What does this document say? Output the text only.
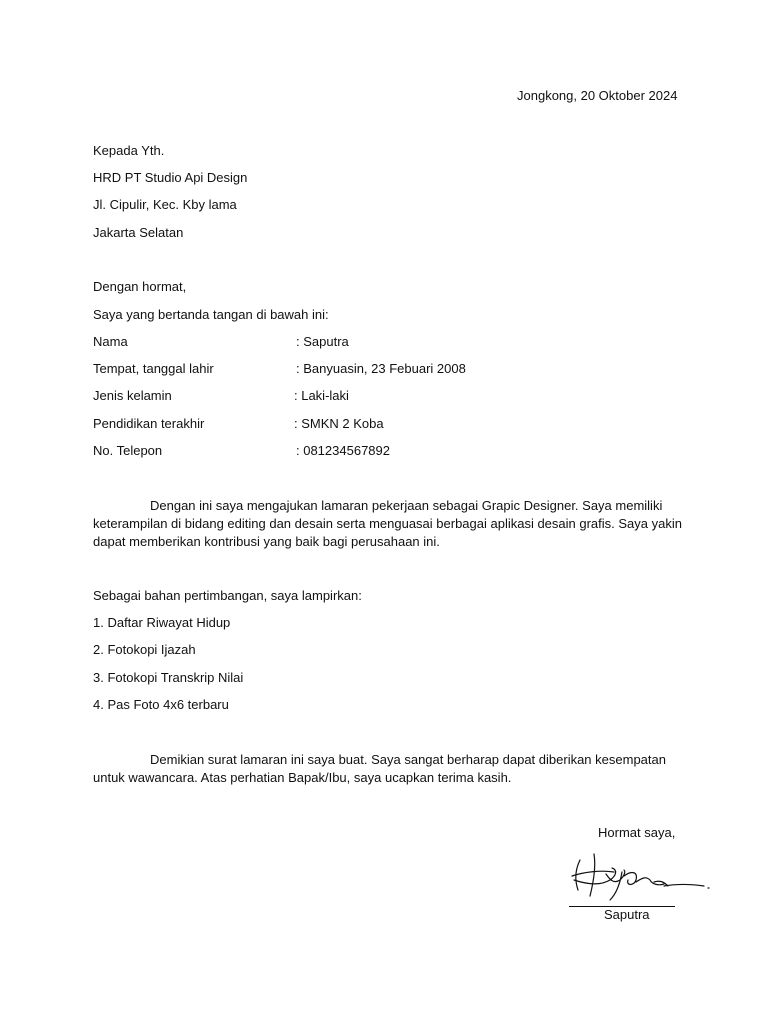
Jongkong, 20 Oktober 2024
Kepada Yth.
HRD PT Studio Api Design
Jl. Cipulir, Kec. Kby lama
Jakarta Selatan
Dengan hormat,
Saya yang bertanda tangan di bawah ini:
Nama	: Saputra
Tempat, tanggal lahir	: Banyuasin, 23 Febuari 2008
Jenis kelamin	: Laki-laki
Pendidikan terakhir	: SMKN 2 Koba
No. Telepon	: 081234567892
Dengan ini saya mengajukan lamaran pekerjaan sebagai Grapic Designer. Saya memiliki keterampilan di bidang editing dan desain serta menguasai berbagai aplikasi desain grafis. Saya yakin dapat memberikan kontribusi yang baik bagi perusahaan ini.
Sebagai bahan pertimbangan, saya lampirkan:
1. Daftar Riwayat Hidup
2. Fotokopi Ijazah
3. Fotokopi Transkrip Nilai
4. Pas Foto 4x6 terbaru
Demikian surat lamaran ini saya buat. Saya sangat berharap dapat diberikan kesempatan untuk wawancara. Atas perhatian Bapak/Ibu, saya ucapkan terima kasih.
Hormat saya,
Saputra
